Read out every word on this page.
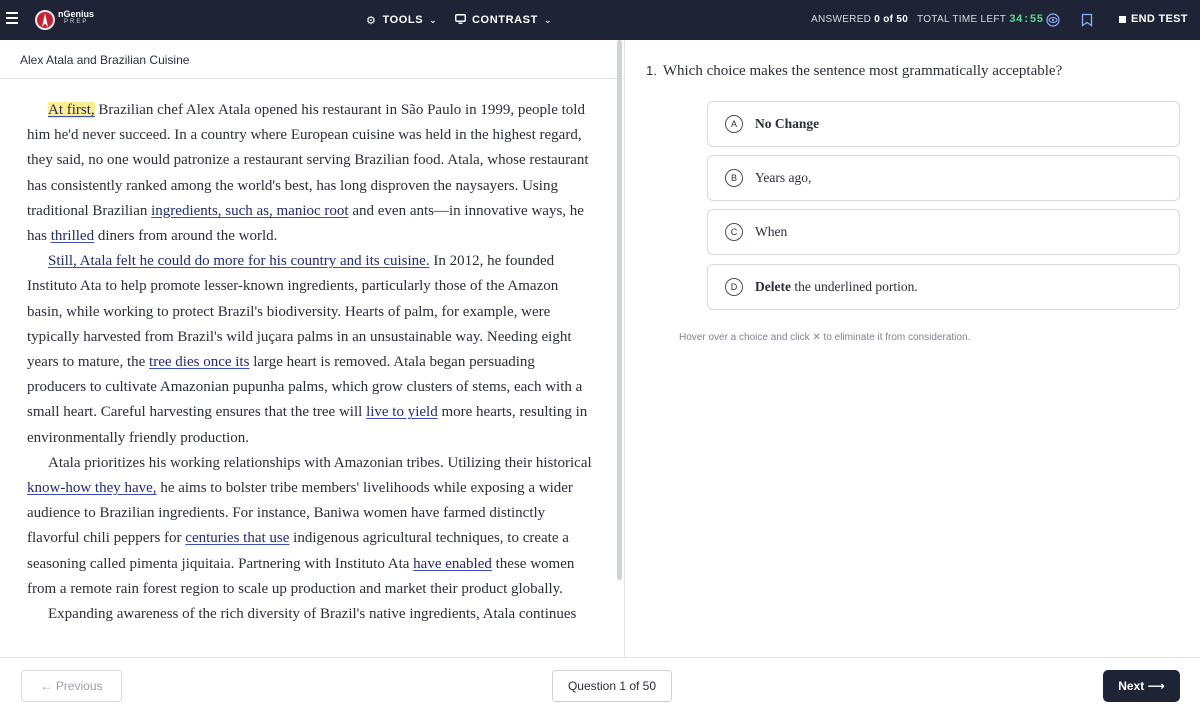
nGenius
PREP	⚙ TOOLS ⌄	CONTRAST ⌄	ANSWERED 0 of 50 TOTAL TIME LEFT 34:55	END TEST
Alex Atala and Brazilian Cuisine

At first, Brazilian chef Alex Atala opened his restaurant in São Paulo in 1999, people told him he'd never succeed. In a country where European cuisine was held in the highest regard, they said, no one would patronize a restaurant serving Brazilian food. Atala, whose restaurant has consistently ranked among the world's best, has long disproven the naysayers. Using traditional Brazilian ingredients, such as, manioc root and even ants—in innovative ways, he has thrilled diners from around the world.

Still, Atala felt he could do more for his country and its cuisine. In 2012, he founded Instituto Ata to help promote lesser-known ingredients, particularly those of the Amazon basin, while working to protect Brazil's biodiversity. Hearts of palm, for example, were typically harvested from Brazil's wild juçara palms in an unsustainable way. Needing eight years to mature, the tree dies once its large heart is removed. Atala began persuading producers to cultivate Amazonian pupunha palms, which grow clusters of stems, each with a small heart. Careful harvesting ensures that the tree will live to yield more hearts, resulting in environmentally friendly production.

Atala prioritizes his working relationships with Amazonian tribes. Utilizing their historical know-how they have, he aims to bolster tribe members' livelihoods while exposing a wider audience to Brazilian ingredients. For instance, Baniwa women have farmed distinctly flavorful chili peppers for centuries that use indigenous agricultural techniques, to create a seasoning called pimenta jiquitaia. Partnering with Instituto Ata have enabled these women from a remote rain forest region to scale up production and market their product globally.

Expanding awareness of the rich diversity of Brazil's native ingredients, Atala continues

1. Which choice makes the sentence most grammatically acceptable?
A	No Change
B	Years ago,
C	When
D	Delete the underlined portion.
Hover over a choice and click ✕ to eliminate it from consideration.
← Previous	Question 1 of 50	Next ⟶
